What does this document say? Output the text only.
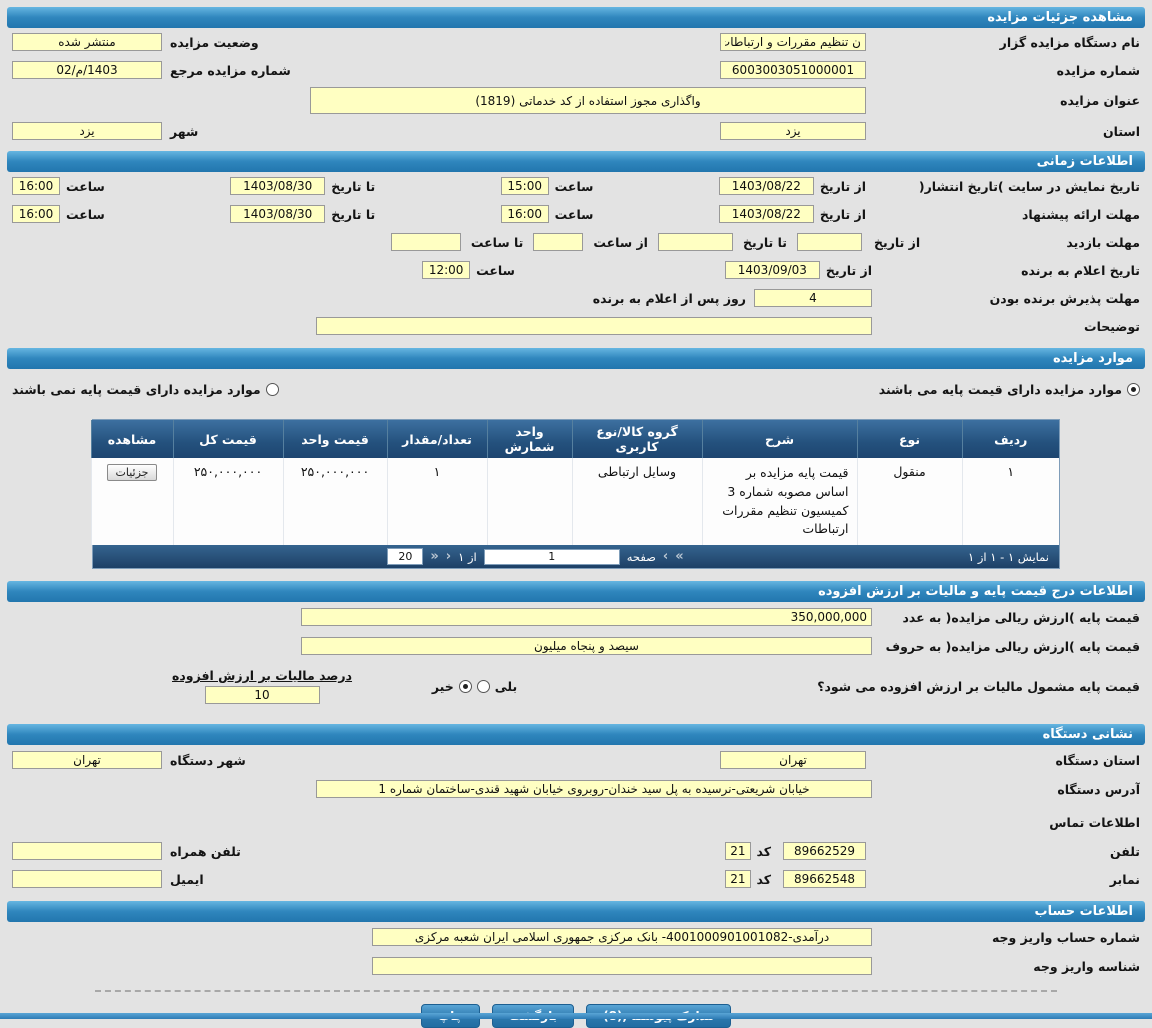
مشاهده جزئیات مزایده
نام دستگاه مزایده گزار
ن تنظیم مقررات و ارتباطات
وضعیت مزایده
منتشر شده
شماره مزایده
6003003051000001
شماره مزایده مرجع
1403/م/02
عنوان مزایده
واگذاری مجوز استفاده از کد خدماتی (1819)
استان
یزد
شهر
یزد
اطلاعات زمانی
تاریخ نمایش در سایت )تاریخ انتشار(
از تاریخ
1403/08/22
ساعت
15:00
تا تاریخ
1403/08/30
ساعت
16:00
مهلت ارائه پیشنهاد
از تاریخ
1403/08/22
ساعت
16:00
تا تاریخ
1403/08/30
ساعت
16:00
مهلت بازدید
از تاریخ
تا تاریخ
از ساعت
تا ساعت
تاریخ اعلام به برنده
از تاریخ
1403/09/03
ساعت
12:00
مهلت پذیرش برنده بودن
4
روز پس از اعلام به برنده
توضیحات
موارد مزایده
موارد مزایده دارای قیمت پایه می باشند
موارد مزایده دارای قیمت پایه نمی باشند
ردیف	نوع	شرح	گروه کالا/نوع کاربری	واحد شمارش	تعداد/مقدار	قیمت واحد	قیمت کل	مشاهده
۱	منقول	قیمت پایه مزایده بر اساس مصوبه شماره 3 کمیسیون تنظیم مقررات ارتباطات	وسایل ارتباطی		۱	۲۵۰,۰۰۰,۰۰۰	۲۵۰,۰۰۰,۰۰۰	جزئیات
نمایش ۱ - ۱ از ۱
»
›
صفحه
1
از ۱
‹
«
20
اطلاعات درج قیمت پایه و مالیات بر ارزش افزوده
قیمت پایه )ارزش ریالی مزایده( به عدد
350,000,000
قیمت پایه )ارزش ریالی مزایده( به حروف
سیصد و پنجاه میلیون
قیمت پایه مشمول مالیات بر ارزش افزوده می شود؟
بلی
خیر
درصد مالیات بر ارزش افزوده
10
نشانی دستگاه
استان دستگاه
تهران
شهر دستگاه
تهران
آدرس دستگاه
خیابان شریعتی-نرسیده به پل سید خندان-روبروی خیابان شهید قندی-ساختمان شماره 1
اطلاعات تماس
تلفن
89662529
کد
021
تلفن همراه
نمابر
89662548
کد
021
ایمیل
اطلاعات حساب
شماره حساب واریز وجه
درآمدی-4001000901001082- بانک مرکزی جمهوری اسلامی ایران شعبه مرکزی
شناسه واریز وجه
